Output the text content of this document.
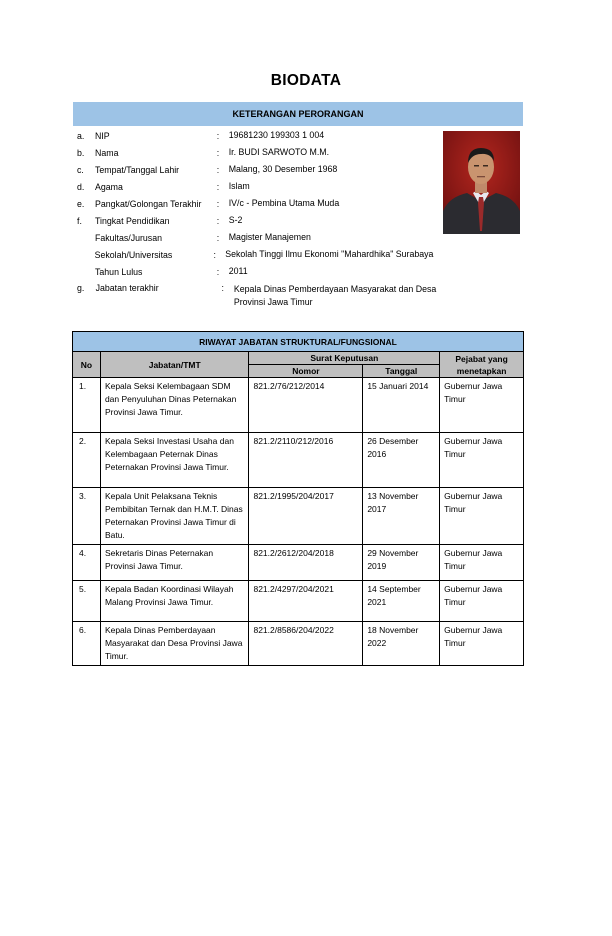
BIODATA
KETERANGAN PERORANGAN
a.	NIP	:	19681230 199303 1 004
b.	Nama	:	Ir. BUDI SARWOTO M.M.
c.	Tempat/Tanggal Lahir	:	Malang, 30 Desember 1968
d.	Agama	:	Islam
e.	Pangkat/Golongan Terakhir	:	IV/c - Pembina Utama Muda
f.	Tingkat Pendidikan	:	S-2
Fakultas/Jurusan	:	Magister Manajemen
Sekolah/Universitas	:	Sekolah Tinggi Ilmu Ekonomi "Mahardhika" Surabaya
Tahun Lulus	:	2011
g.	Jabatan terakhir	:	Kepala Dinas Pemberdayaan Masyarakat dan Desa Provinsi Jawa Timur
RIWAYAT JABATAN STRUKTURAL/FUNGSIONAL				
No	Jabatan/TMT	Surat Keputusan		Pejabat yang menetapkan
		Nomor	Tanggal	
1.	Kepala Seksi Kelembagaan SDM dan Penyuluhan Dinas Peternakan Provinsi Jawa Timur.	821.2/76/212/2014	15 Januari 2014	Gubernur Jawa Timur
2.	Kepala Seksi Investasi Usaha dan Kelembagaan Peternak Dinas Peternakan Provinsi Jawa Timur.	821.2/2110/212/2016	26 Desember 2016	Gubernur Jawa Timur
3.	Kepala Unit Pelaksana Teknis Pembibitan Ternak dan H.M.T. Dinas Peternakan Provinsi Jawa Timur di Batu.	821.2/1995/204/2017	13 November 2017	Gubernur Jawa Timur
4.	Sekretaris Dinas Peternakan Provinsi Jawa Timur.	821.2/2612/204/2018	29 November 2019	Gubernur Jawa Timur
5.	Kepala Badan Koordinasi Wilayah Malang Provinsi Jawa Timur.	821.2/4297/204/2021	14 September 2021	Gubernur Jawa Timur
6.	Kepala Dinas Pemberdayaan Masyarakat dan Desa Provinsi Jawa Timur.	821.2/8586/204/2022	18 November 2022	Gubernur Jawa Timur
